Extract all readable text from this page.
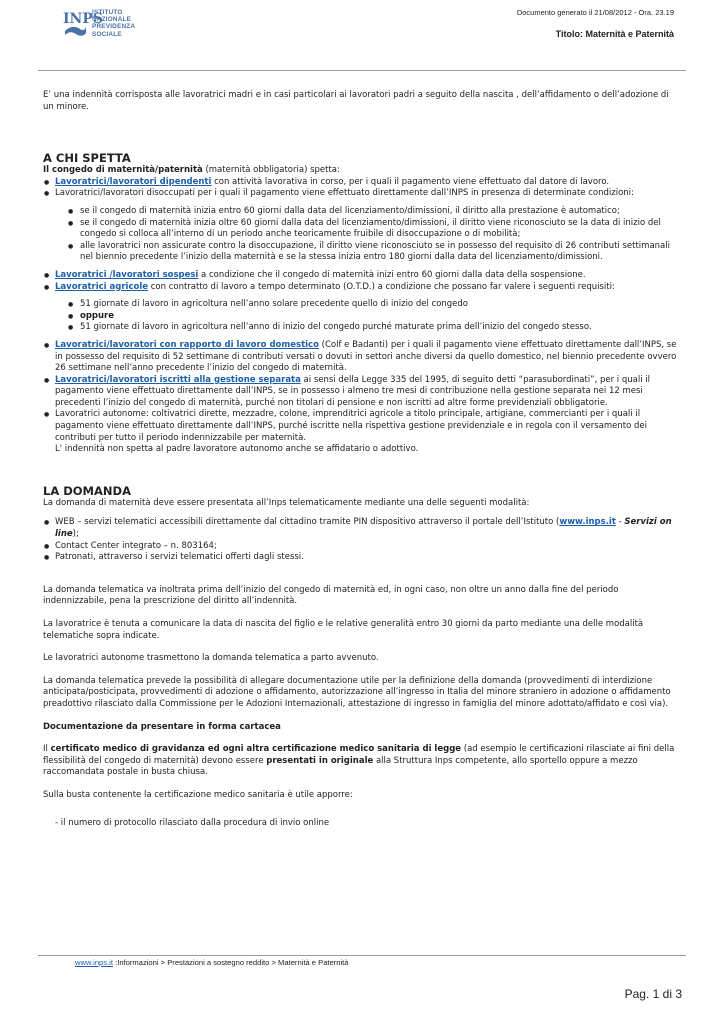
INPS
ISTITUTO
NAZIONALE
PREVIDENZA
SOCIALE
Documento generato il 21/08/2012 - Ora. 23.19
Titolo: Maternità e Paternità

E’ una indennità corrisposta alle lavoratrici madri e in casi particolari ai lavoratori padri a seguito della nascita , dell’affidamento o dell’adozione di un minore.

A CHI SPETTA

Il congedo di maternità/paternità (maternità obbligatoria) spetta:

● Lavoratrici/lavoratori dipendenti con attività lavorativa in corso, per i quali il pagamento viene effettuato dal datore di lavoro.
● Lavoratrici/lavoratori disoccupati per i quali il pagamento viene effettuato direttamente dall’INPS in presenza di determinate condizioni:
● se il congedo di maternità inizia entro 60 giorni dalla data del licenziamento/dimissioni, il diritto alla prestazione è automatico;
● se il congedo di maternità inizia oltre 60 giorni dalla data del licenziamento/dimissioni, il diritto viene riconosciuto se la data di inizio del congedo si colloca all’interno di un periodo anche teoricamente fruibile di disoccupazione o di mobilità;
● alle lavoratrici non assicurate contro la disoccupazione, il diritto viene riconosciuto se in possesso del requisito di 26 contributi settimanali nel biennio precedente l’inizio della maternità e se la stessa inizia entro 180 giorni dalla data del licenziamento/dimissioni.
● Lavoratrici /lavoratori sospesi a condizione che il congedo di maternità inizi entro 60 giorni dalla data della sospensione.
● Lavoratrici agricole con contratto di lavoro a tempo determinato (O.T.D.) a condizione che possano far valere i seguenti requisiti:
● 51 giornate di lavoro in agricoltura nell’anno solare precedente quello di inizio del congedo
● oppure
● 51 giornate di lavoro in agricoltura nell’anno di inizio del congedo purché maturate prima dell’inizio del congedo stesso.
● Lavoratrici/lavoratori con rapporto di lavoro domestico (Colf e Badanti) per i quali il pagamento viene effettuato direttamente dall’INPS, se in possesso del requisito di 52 settimane di contributi versati o dovuti in settori anche diversi da quello domestico, nel biennio precedente ovvero 26 settimane nell’anno precedente l’inizio del congedo di maternità.
● Lavoratrici/lavoratori iscritti alla gestione separata ai sensi della Legge 335 del 1995, di seguito detti “parasubordinati”, per i quali il pagamento viene effettuato direttamente dall’INPS, se in possesso i almeno tre mesi di contribuzione nella gestione separata nei 12 mesi precedenti l’inizio del congedo di maternità, purché non titolari di pensione e non iscritti ad altre forme previdenziali obbligatorie.
● Lavoratrici autonome: coltivatrici dirette, mezzadre, colone, imprenditrici agricole a titolo principale, artigiane, commercianti per i quali il pagamento viene effettuato direttamente dall’INPS, purché iscritte nella rispettiva gestione previdenziale e in regola con il versamento dei contributi per tutto il periodo indennizzabile per maternità.
L' indennità non spetta al padre lavoratore autonomo anche se affidatario o adottivo.
LA DOMANDA

La domanda di maternità deve essere presentata all’Inps telematicamente mediante una delle seguenti modalità:

● WEB – servizi telematici accessibili direttamente dal cittadino tramite PIN dispositivo attraverso il portale dell’Istituto (www.inps.it - Servizi on line);
● Contact Center integrato – n. 803164;
● Patronati, attraverso i servizi telematici offerti dagli stessi.

La domanda telematica va inoltrata prima dell’inizio del congedo di maternità ed, in ogni caso, non oltre un anno dalla fine del periodo indennizzabile, pena la prescrizione del diritto all’indennità.

La lavoratrice è tenuta a comunicare la data di nascita del figlio e le relative generalità entro 30 giorni da parto mediante una delle modalità telematiche sopra indicate.

Le lavoratrici autonome trasmettono la domanda telematica a parto avvenuto.

La domanda telematica prevede la possibilità di allegare documentazione utile per la definizione della domanda (provvedimenti di interdizione anticipata/posticipata, provvedimenti di adozione o affidamento, autorizzazione all’ingresso in Italia del minore straniero in adozione o affidamento preadottivo rilasciato dalla Commissione per le Adozioni Internazionali, attestazione di ingresso in famiglia del minore adottato/affidato e così via).

Documentazione da presentare in forma cartacea

Il certificato medico di gravidanza ed ogni altra certificazione medico sanitaria di legge (ad esempio le certificazioni rilasciate ai fini della flessibilità del congedo di maternità) devono essere presentati in originale alla Struttura Inps competente, allo sportello oppure a mezzo raccomandata postale in busta chiusa.

Sulla busta contenente la certificazione medico sanitaria è utile apporre:

- il numero di protocollo rilasciato dalla procedura di invio online

www.inps.it :Informazioni > Prestazioni a sostegno reddito > Maternità e Paternità
Pag. 1 di 3
